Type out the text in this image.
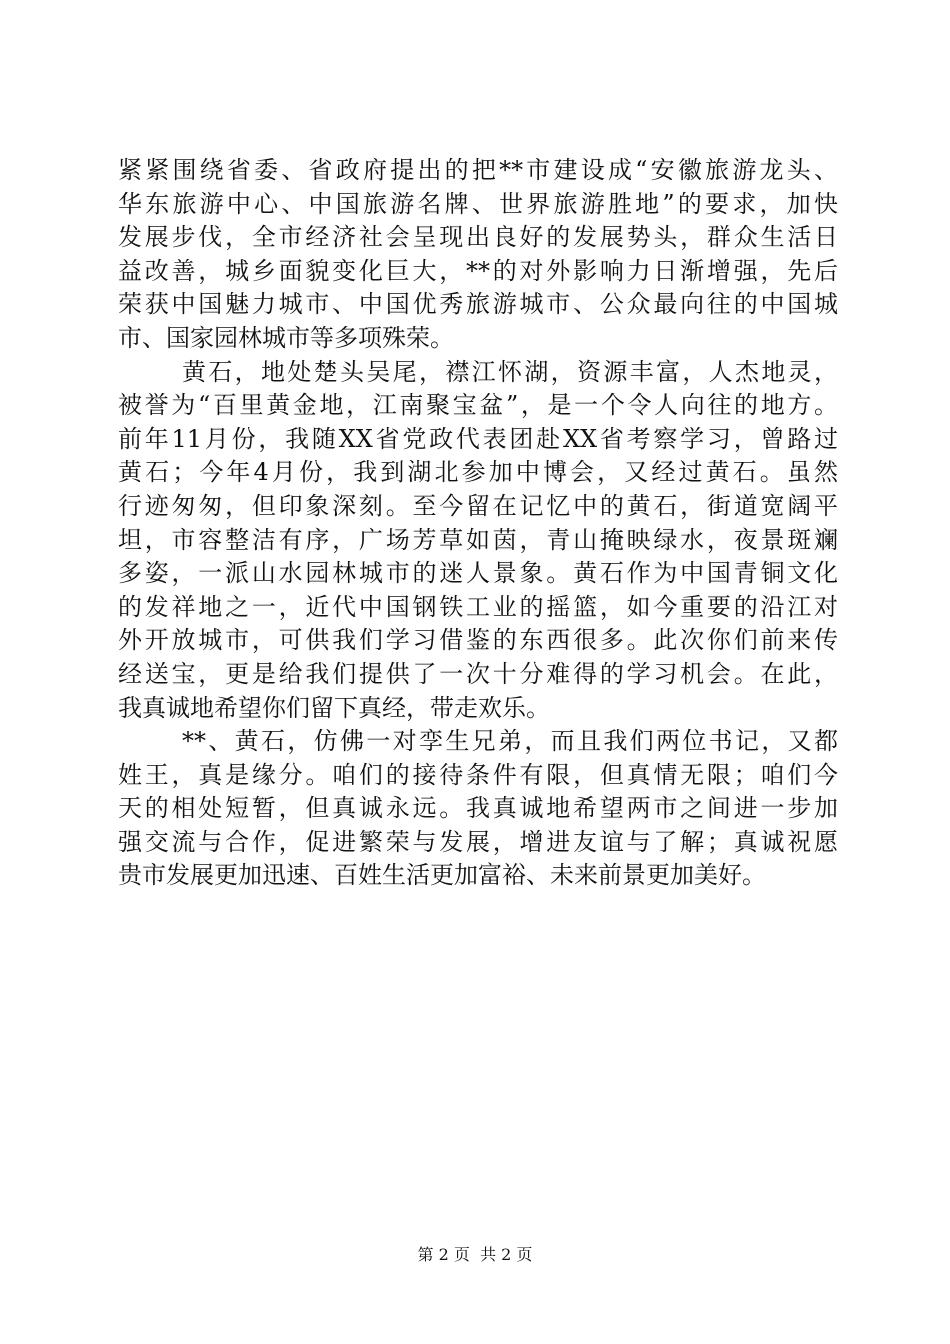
紧紧围绕省委、省政府提出的把**市建设成“安徽旅游龙头、
华东旅游中心、中国旅游名牌、世界旅游胜地”的要求，加快
发展步伐，全市经济社会呈现出良好的发展势头，群众生活日
益改善，城乡面貌变化巨大，**的对外影响力日渐增强，先后
荣获中国魅力城市、中国优秀旅游城市、公众最向往的中国城
市、国家园林城市等多项殊荣。
黄石，地处楚头吴尾，襟江怀湖，资源丰富，人杰地灵，
被誉为“百里黄金地，江南聚宝盆”，是一个令人向往的地方。
前年11月份，我随XX省党政代表团赴XX省考察学习，曾路过
黄石；今年4月份，我到湖北参加中博会，又经过黄石。虽然
行迹匆匆，但印象深刻。至今留在记忆中的黄石，街道宽阔平
坦，市容整洁有序，广场芳草如茵，青山掩映绿水，夜景斑斓
多姿，一派山水园林城市的迷人景象。黄石作为中国青铜文化
的发祥地之一，近代中国钢铁工业的摇篮，如今重要的沿江对
外开放城市，可供我们学习借鉴的东西很多。此次你们前来传
经送宝，更是给我们提供了一次十分难得的学习机会。在此，
我真诚地希望你们留下真经，带走欢乐。
**、黄石，仿佛一对孪生兄弟，而且我们两位书记，又都
姓王，真是缘分。咱们的接待条件有限，但真情无限；咱们今
天的相处短暂，但真诚永远。我真诚地希望两市之间进一步加
强交流与合作，促进繁荣与发展，增进友谊与了解；真诚祝愿
贵市发展更加迅速、百姓生活更加富裕、未来前景更加美好。
第 2 页  共 2 页
